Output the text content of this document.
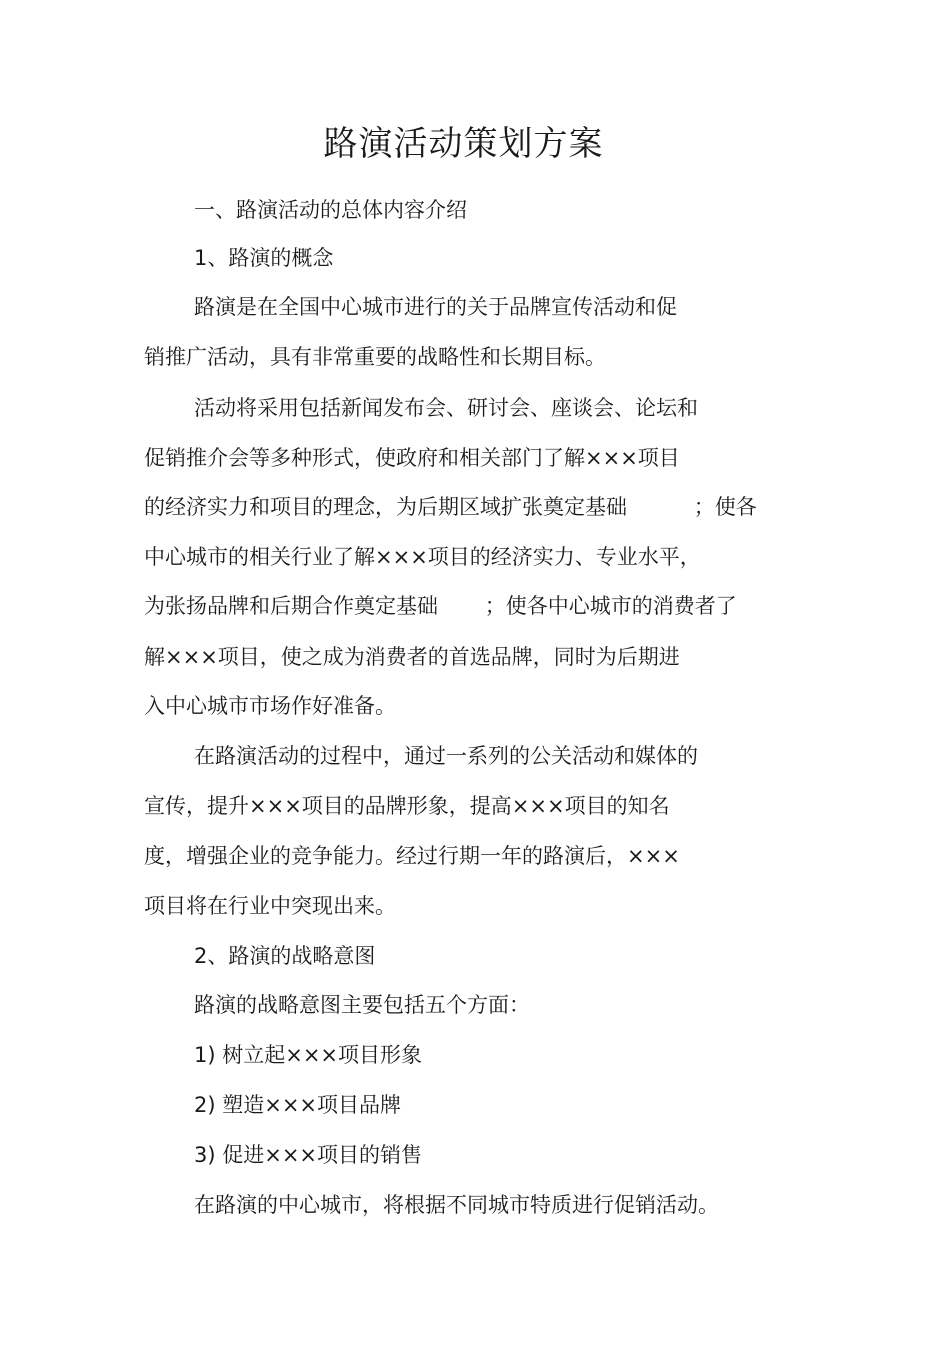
路演活动策划方案
一、路演活动的总体内容介绍
1、路演的概念
路演是在全国中心城市进行的关于品牌宣传活动和促
销推广活动，具有非常重要的战略性和长期目标。
活动将采用包括新闻发布会、研讨会、座谈会、论坛和
促销推介会等多种形式，使政府和相关部门了解×××项目
的经济实力和项目的理念，为后期区域扩张奠定基础          ；使各
中心城市的相关行业了解×××项目的经济实力、专业水平，
为张扬品牌和后期合作奠定基础       ；使各中心城市的消费者了
解×××项目，使之成为消费者的首选品牌，同时为后期进
入中心城市市场作好准备。
在路演活动的过程中，通过一系列的公关活动和媒体的
宣传，提升×××项目的品牌形象，提高×××项目的知名
度，增强企业的竞争能力。经过行期一年的路演后，×××
项目将在行业中突现出来。
2、路演的战略意图
路演的战略意图主要包括五个方面：
1) 树立起×××项目形象
2) 塑造×××项目品牌
3) 促进×××项目的销售
在路演的中心城市，将根据不同城市特质进行促销活动。
